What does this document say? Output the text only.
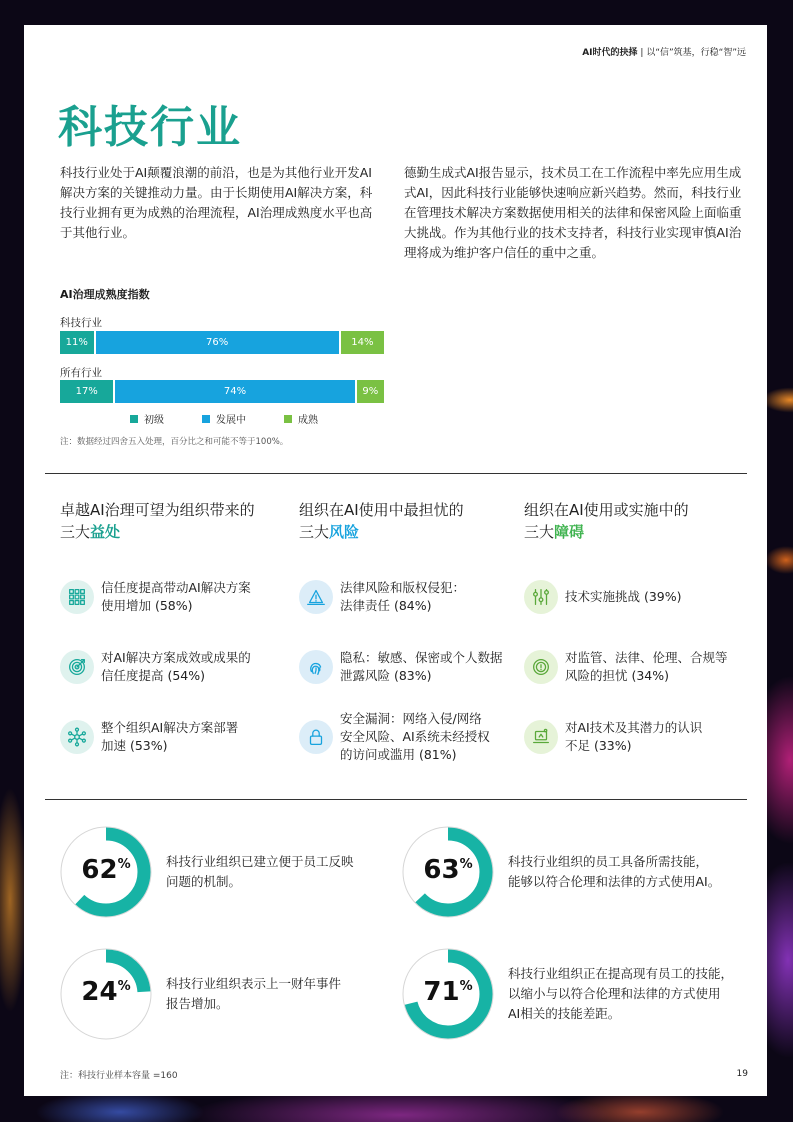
AI时代的抉择 | 以“信”筑基，行稳“智”远
科技行业

科技行业处于AI颠覆浪潮的前沿，也是为其他行业开发AI解决方案的关键推动力量。由于长期使用AI解决方案，科技行业拥有更为成熟的治理流程，AI治理成熟度水平也高于其他行业。

德勤生成式AI报告显示，技术员工在工作流程中率先应用生成式AI，因此科技行业能够快速响应新兴趋势。然而，科技行业在管理技术解决方案数据使用相关的法律和保密风险上面临重大挑战。作为其他行业的技术支持者，科技行业实现审慎AI治理将成为维护客户信任的重中之重。

AI治理成熟度指数
科技行业
11%	76%	14%
所有行业
17%	74%	9%
初级	发展中	成熟
注：数据经过四舍五入处理，百分比之和可能不等于100%。
卓越AI治理可望为组织带来的
三大益处
信任度提高带动AI解决方案
使用增加 (58%)
对AI解决方案成效或成果的
信任度提高 (54%)
整个组织AI解决方案部署
加速 (53%)
组织在AI使用中最担忧的
三大风险
法律风险和版权侵犯：
法律责任 (84%)
隐私：敏感、保密或个人数据
泄露风险 (83%)
安全漏洞：网络入侵/网络
安全风险、AI系统未经授权
的访问或滥用 (81%)
组织在AI使用或实施中的
三大障碍
技术实施挑战 (39%)
对监管、法律、伦理、合规等
风险的担忧 (34%)
对AI技术及其潜力的认识
不足 (33%)
62%	科技行业组织已建立便于员工反映
问题的机制。	63%	科技行业组织的员工具备所需技能，
能够以符合伦理和法律的方式使用AI。
24%	科技行业组织表示上一财年事件
报告增加。	71%
科技行业组织正在提高现有员工的技能，
以缩小与以符合伦理和法律的方式使用
AI相关的技能差距。
注：科技行业样本容量 =160	19
